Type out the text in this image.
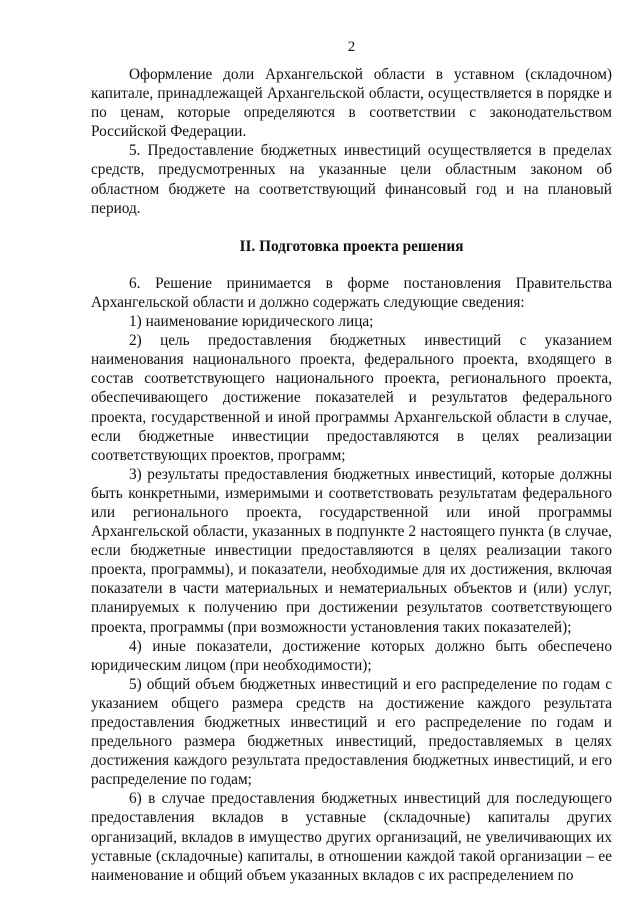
2

Оформление доли Архангельской области в уставном (складочном) капитале, принадлежащей Архангельской области, осуществляется в порядке и по ценам, которые определяются в соответствии с законодательством Российской Федерации.

5. Предоставление бюджетных инвестиций осуществляется в пределах средств, предусмотренных на указанные цели областным законом об областном бюджете на соответствующий финансовый год и на плановый период.

II. Подготовка проекта решения

6. Решение принимается в форме постановления Правительства Архангельской области и должно содержать следующие сведения:

1) наименование юридического лица;

2) цель предоставления бюджетных инвестиций с указанием наименования национального проекта, федерального проекта, входящего в состав соответствующего национального проекта, регионального проекта, обеспечивающего достижение показателей и результатов федерального проекта, государственной и иной программы Архангельской области в случае, если бюджетные инвестиции предоставляются в целях реализации соответствующих проектов, программ;

3) результаты предоставления бюджетных инвестиций, которые должны быть конкретными, измеримыми и соответствовать результатам федерального или регионального проекта, государственной или иной программы Архангельской области, указанных в подпункте 2 настоящего пункта (в случае, если бюджетные инвестиции предоставляются в целях реализации такого проекта, программы), и показатели, необходимые для их достижения, включая показатели в части материальных и нематериальных объектов и (или) услуг, планируемых к получению при достижении результатов соответствующего проекта, программы (при возможности установления таких показателей);

4) иные показатели, достижение которых должно быть обеспечено юридическим лицом (при необходимости);

5) общий объем бюджетных инвестиций и его распределение по годам с указанием общего размера средств на достижение каждого результата предоставления бюджетных инвестиций и его распределение по годам и предельного размера бюджетных инвестиций, предоставляемых в целях достижения каждого результата предоставления бюджетных инвестиций, и его распределение по годам;

6) в случае предоставления бюджетных инвестиций для последующего предоставления вкладов в уставные (складочные) капиталы других организаций, вкладов в имущество других организаций, не увеличивающих их уставные (складочные) капиталы, в отношении каждой такой организации – ее наименование и общий объем указанных вкладов с их распределением по
